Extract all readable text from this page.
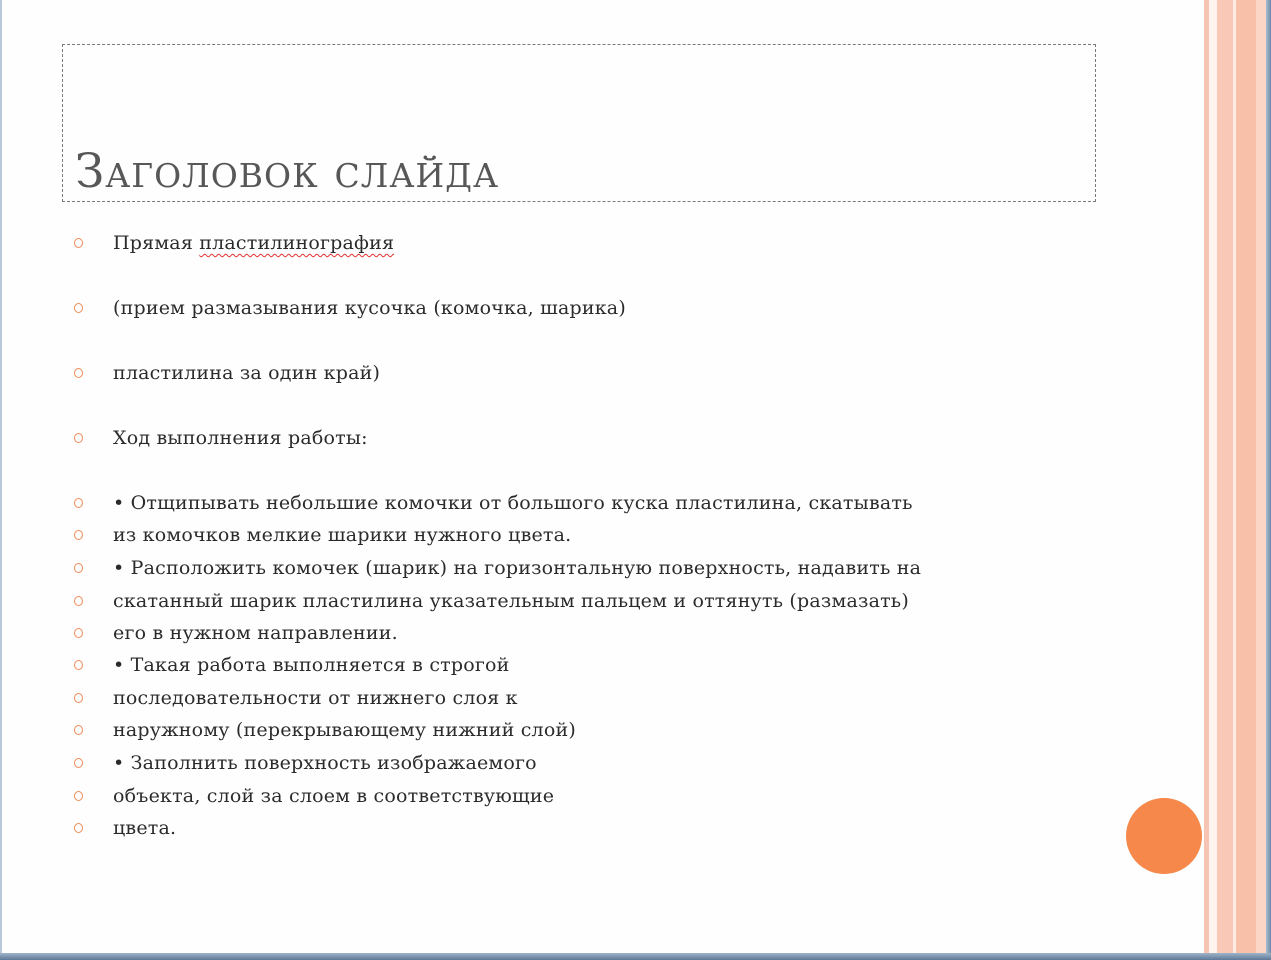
Заголовок слайда
Прямая пластилинография
(прием размазывания кусочка (комочка, шарика)
пластилина за один край)
Ход выполнения работы:
• Отщипывать небольшие комочки от большого куска пластилина, скатывать
из комочков мелкие шарики нужного цвета.
• Расположить комочек (шарик) на горизонтальную поверхность, надавить на
скатанный шарик пластилина указательным пальцем и оттянуть (размазать)
его в нужном направлении.
• Такая работа выполняется в строгой
последовательности от нижнего слоя к
наружному (перекрывающему нижний слой)
• Заполнить поверхность изображаемого
объекта, слой за слоем в соответствующие
цвета.
